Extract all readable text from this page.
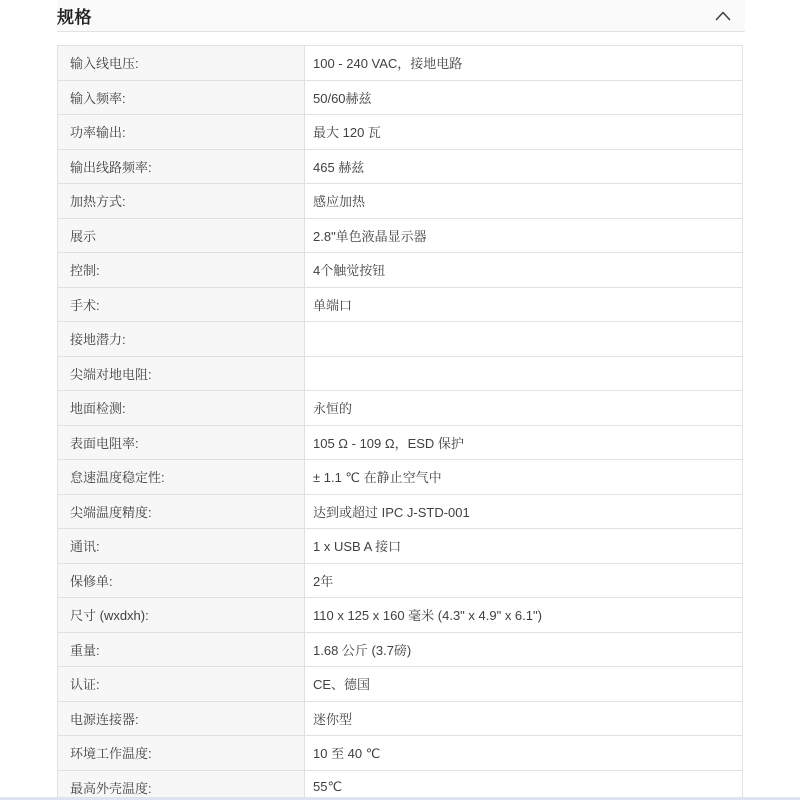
规格
输入线电压:	100 - 240 VAC，接地电路
输入频率:	50/60赫兹
功率输出:	最大 120 瓦
输出线路频率:	465 赫兹
加热方式:	感应加热
展示	2.8"单色液晶显示器
控制:	4个触觉按钮
手术:	单端口
接地潜力:	
尖端对地电阻:	
地面检测:	永恒的
表面电阻率:	105 Ω - 109 Ω，ESD 保护
怠速温度稳定性:	± 1.1 ℃ 在静止空气中
尖端温度精度:	达到或超过 IPC J-STD-001
通讯:	1 x USB A 接口
保修单:	2年
尺寸 (wxdxh):	110 x 125 x 160 毫米 (4.3" x 4.9" x 6.1")
重量:	1.68 公斤 (3.7磅)
认证:	CE、德国
电源连接器:	迷你型
环境工作温度:	10 至 40 ℃
最高外壳温度:	55℃
